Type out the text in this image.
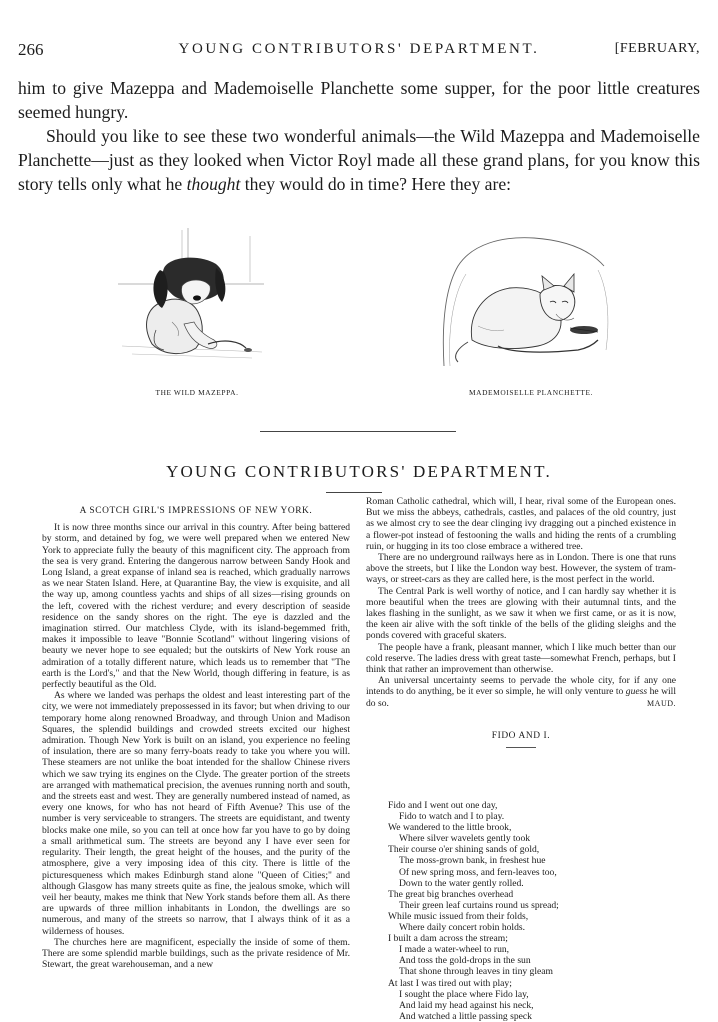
266	YOUNG CONTRIBUTORS' DEPARTMENT.	[FEBRUARY,

him to give Mazeppa and Mademoiselle Planchette some supper, for the poor little creatures seemed hungry.

Should you like to see these two wonderful animals—the Wild Mazeppa and Mademoiselle Planchette—just as they looked when Victor Royl made all these grand plans, for you know this story tells only what he thought they would do in time? Here they are:

THE WILD MAZEPPA.	MADEMOISELLE PLANCHETTE.
YOUNG CONTRIBUTORS' DEPARTMENT.
A SCOTCH GIRL'S IMPRESSIONS OF NEW YORK.

It is now three months since our arrival in this country. After being battered by storm, and detained by fog, we were well prepared when we entered New York to appreciate fully the beauty of this magnificent city. The approach from the sea is very grand. Entering the dangerous narrow between Sandy Hook and Long Island, a great expanse of inland sea is reached, which gradually narrows as we near Staten Island. Here, at Quarantine Bay, the view is exquisite, and all the way up, among countless yachts and ships of all sizes—rising grounds on the left, covered with the richest verdure; and every description of seaside residence on the sandy shores on the right. The eye is dazzled and the imagination stirred. Our matchless Clyde, with its island-begemmed frith, makes it impossible to leave "Bonnie Scotland" without lingering visions of beauty we never hope to see equaled; but the outskirts of New York rouse an admiration of a totally different nature, which leads us to remember that "The earth is the Lord's," and that the New World, though differing in feature, is as perfectly beautiful as the Old.

As where we landed was perhaps the oldest and least interesting part of the city, we were not immediately prepossessed in its favor; but when driving to our temporary home along renowned Broadway, and through Union and Madison Squares, the splendid buildings and crowded streets excited our highest admiration. Though New York is built on an island, you experience no feeling of insulation, there are so many ferry-boats ready to take you where you will. These steamers are not unlike the boat intended for the shallow Chinese rivers which we saw trying its engines on the Clyde. The greater portion of the streets are arranged with mathematical precision, the avenues running north and south, and the streets east and west. They are generally numbered instead of named, as every one knows, for who has not heard of Fifth Avenue? This use of the number is very serviceable to strangers. The streets are equidistant, and twenty blocks make one mile, so you can tell at once how far you have to go by doing a small arithmetical sum. The streets are beyond any I have ever seen for regularity. Their length, the great height of the houses, and the purity of the atmosphere, give a very imposing idea of this city. There is little of the picturesqueness which makes Edinburgh stand alone "Queen of Cities;" and although Glasgow has many streets quite as fine, the jealous smoke, which will veil her beauty, makes me think that New York stands before them all. As there are upwards of three million inhabitants in London, the dwellings are so numerous, and many of the streets so narrow, that I always think of it as a wilderness of houses.

The churches here are magnificent, especially the inside of some of them. There are some splendid marble buildings, such as the private residence of Mr. Stewart, the great warehouseman, and a new

Roman Catholic cathedral, which will, I hear, rival some of the European ones. But we miss the abbeys, cathedrals, castles, and palaces of the old country, just as we almost cry to see the dear clinging ivy dragging out a pinched existence in a flower-pot instead of festooning the walls and hiding the rents of a crumbling ruin, or hugging in its too close embrace a withered tree.

There are no underground railways here as in London. There is one that runs above the streets, but I like the London way best. However, the system of tram-ways, or street-cars as they are called here, is the most perfect in the world.

The Central Park is well worthy of notice, and I can hardly say whether it is more beautiful when the trees are glowing with their autumnal tints, and the lakes flashing in the sunlight, as we saw it when we first came, or as it is now, the keen air alive with the soft tinkle of the bells of the gliding sleighs and the ponds covered with graceful skaters.

The people have a frank, pleasant manner, which I like much better than our cold reserve. The ladies dress with great taste—somewhat French, perhaps, but I think that rather an improvement than otherwise.

An universal uncertainty seems to pervade the whole city, for if any one intends to do anything, be it ever so simple, he will only venture to guess he will do so.	MAUD.

FIDO AND I.
Fido and I went out one day,
Fido to watch and I to play.
We wandered to the little brook,
Where silver wavelets gently took
Their course o'er shining sands of gold,
The moss-grown bank, in freshest hue
Of new spring moss, and fern-leaves too,
Down to the water gently rolled.
The great big branches overhead
Their green leaf curtains round us spread;
While music issued from their folds,
Where daily concert robin holds.
I built a dam across the stream;
I made a water-wheel to run,
And toss the gold-drops in the sun
That shone through leaves in tiny gleam
At last I was tired out with play;
I sought the place where Fido lay,
And laid my head against his neck,
And watched a little passing speck
